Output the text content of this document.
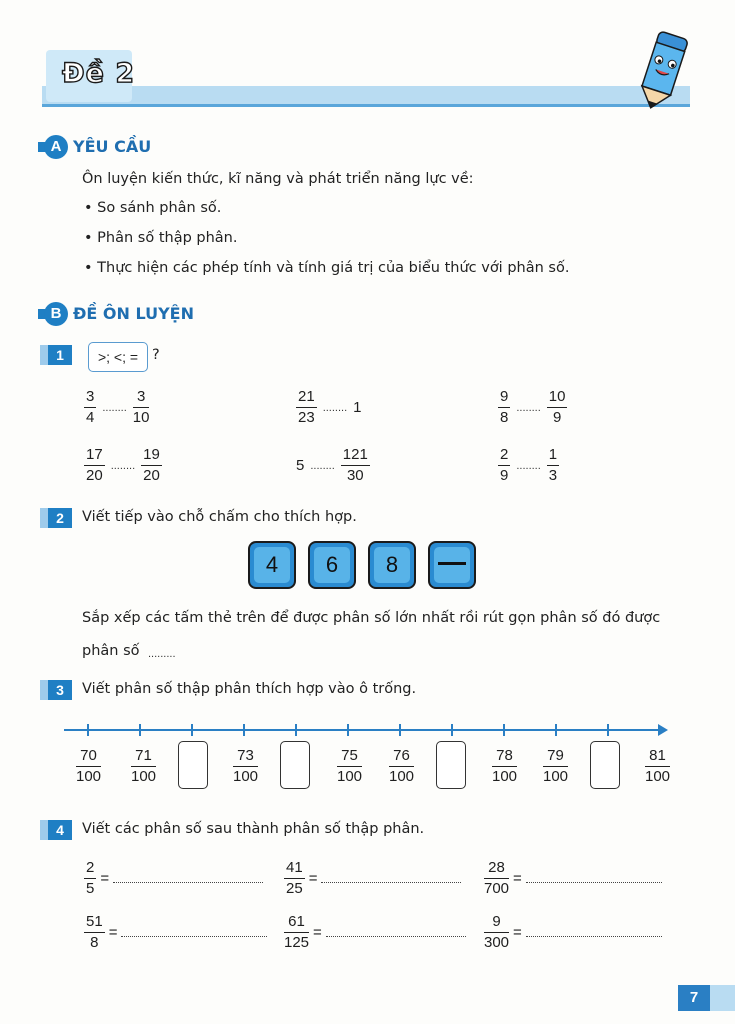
Đề 2
A YÊU CẦU
Ôn luyện kiến thức, kĩ năng và phát triển năng lực về:
• So sánh phân số.
• Phân số thập phân.
• Thực hiện các phép tính và tính giá trị của biểu thức với phân số.
B ĐỀ ÔN LUYỆN
1	>; <; = ?
$\frac{3}{4}$ ........ $\frac{3}{10}$	$\frac{21}{23}$ ........ 1	$\frac{9}{8}$ ........ $\frac{10}{9}$
$\frac{17}{20}$ ........ $\frac{19}{20}$	5 ........ $\frac{121}{30}$	$\frac{2}{9}$ ........ $\frac{1}{3}$
2	Viết tiếp vào chỗ chấm cho thích hợp.
4	6	8
Sắp xếp các tấm thẻ trên để được phân số lớn nhất rồi rút gọn phân số đó được
phân số .........
3	Viết phân số thập phân thích hợp vào ô trống.
$\frac{70}{100} \frac{71}{100}$	$\frac{73}{100}$	$\frac{75}{100} \frac{76}{100}$	$\frac{78}{100} \frac{79}{100}$	$\frac{81}{100}$
4	Viết các phân số sau thành phân số thập phân.
$\frac{2}{5}$ =	$\frac{41}{25}$ =	$\frac{28}{700}$ =
$\frac{51}{8}$ =	$\frac{61}{125}$ =	$\frac{9}{300}$ =
7
